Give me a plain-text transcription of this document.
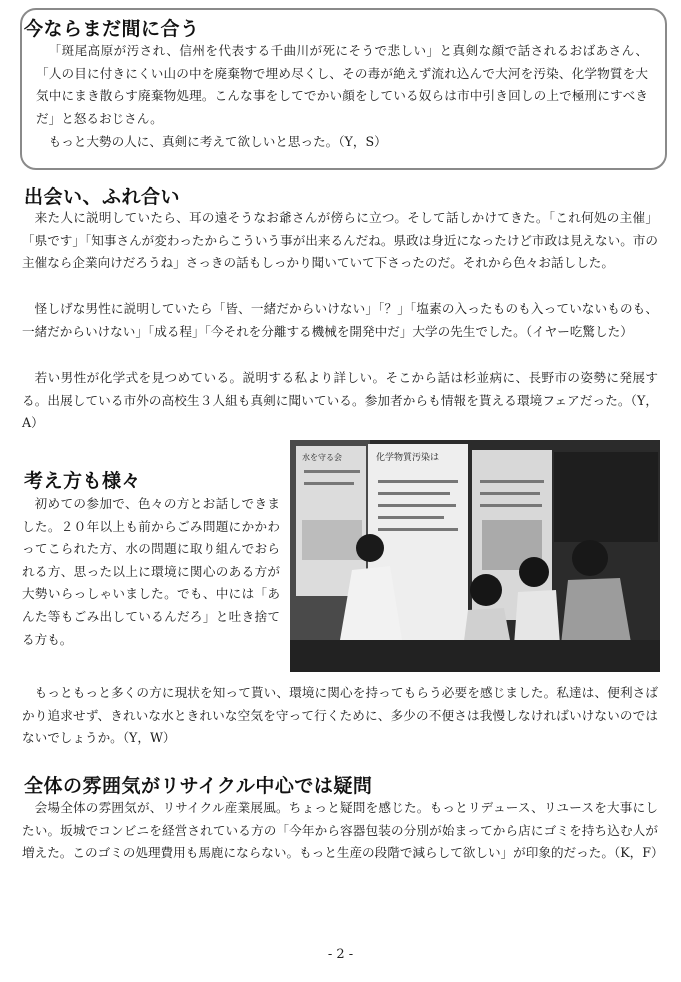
今ならまだ間に合う

「斑尾高原が汚され、信州を代表する千曲川が死にそうで悲しい」と真剣な顔で話されるおばあさん、「人の目に付きにくい山の中を廃棄物で埋め尽くし、その毒が絶えず流れ込んで大河を汚染、化学物質を大気中にまき散らす廃棄物処理。こんな事をしてでかい顔をしている奴らは市中引き回しの上で極刑にすべきだ」と怒るおじさん。

もっと大勢の人に、真剣に考えて欲しいと思った。（Y，S）

出会い、ふれ合い

来た人に説明していたら、耳の遠そうなお爺さんが傍らに立つ。そして話しかけてきた。「これ何処の主催」「県です」「知事さんが変わったからこういう事が出来るんだね。県政は身近になったけど市政は見えない。市の主催なら企業向けだろうね」さっきの話もしっかり聞いていて下さったのだ。それから色々お話しした。

怪しげな男性に説明していたら「皆、一緒だからいけない」「？」「塩素の入ったものも入っていないものも、一緒だからいけない」「成る程」「今それを分離する機械を開発中だ」大学の先生でした。（イヤー吃驚した）

若い男性が化学式を見つめている。説明する私より詳しい。そこから話は杉並病に、長野市の姿勢に発展する。出展している市外の高校生３人組も真剣に聞いている。参加者からも情報を貰える環境フェアだった。（Y，A）

考え方も様々

初めての参加で、色々の方とお話しできました。２０年以上も前からごみ問題にかかわってこられた方、水の問題に取り組んでおられる方、思った以上に環境に関心のある方が大勢いらっしゃいました。でも、中には「あんた等もごみ出しているんだろ」と吐き捨てる方も。

水を守る会	化学物質汚染は

もっともっと多くの方に現状を知って貰い、環境に関心を持ってもらう必要を感じました。私達は、便利さばかり追求せず、きれいな水ときれいな空気を守って行くために、多少の不便さは我慢しなければいけないのではないでしょうか。（Y，W）

全体の雰囲気がリサイクル中心では疑問

会場全体の雰囲気が、リサイクル産業展風。ちょっと疑問を感じた。もっとリデュース、リユースを大事にしたい。坂城でコンビニを経営されている方の「今年から容器包装の分別が始まってから店にゴミを持ち込む人が増えた。このゴミの処理費用も馬鹿にならない。もっと生産の段階で減らして欲しい」が印象的だった。（K，F）

- 2 -
